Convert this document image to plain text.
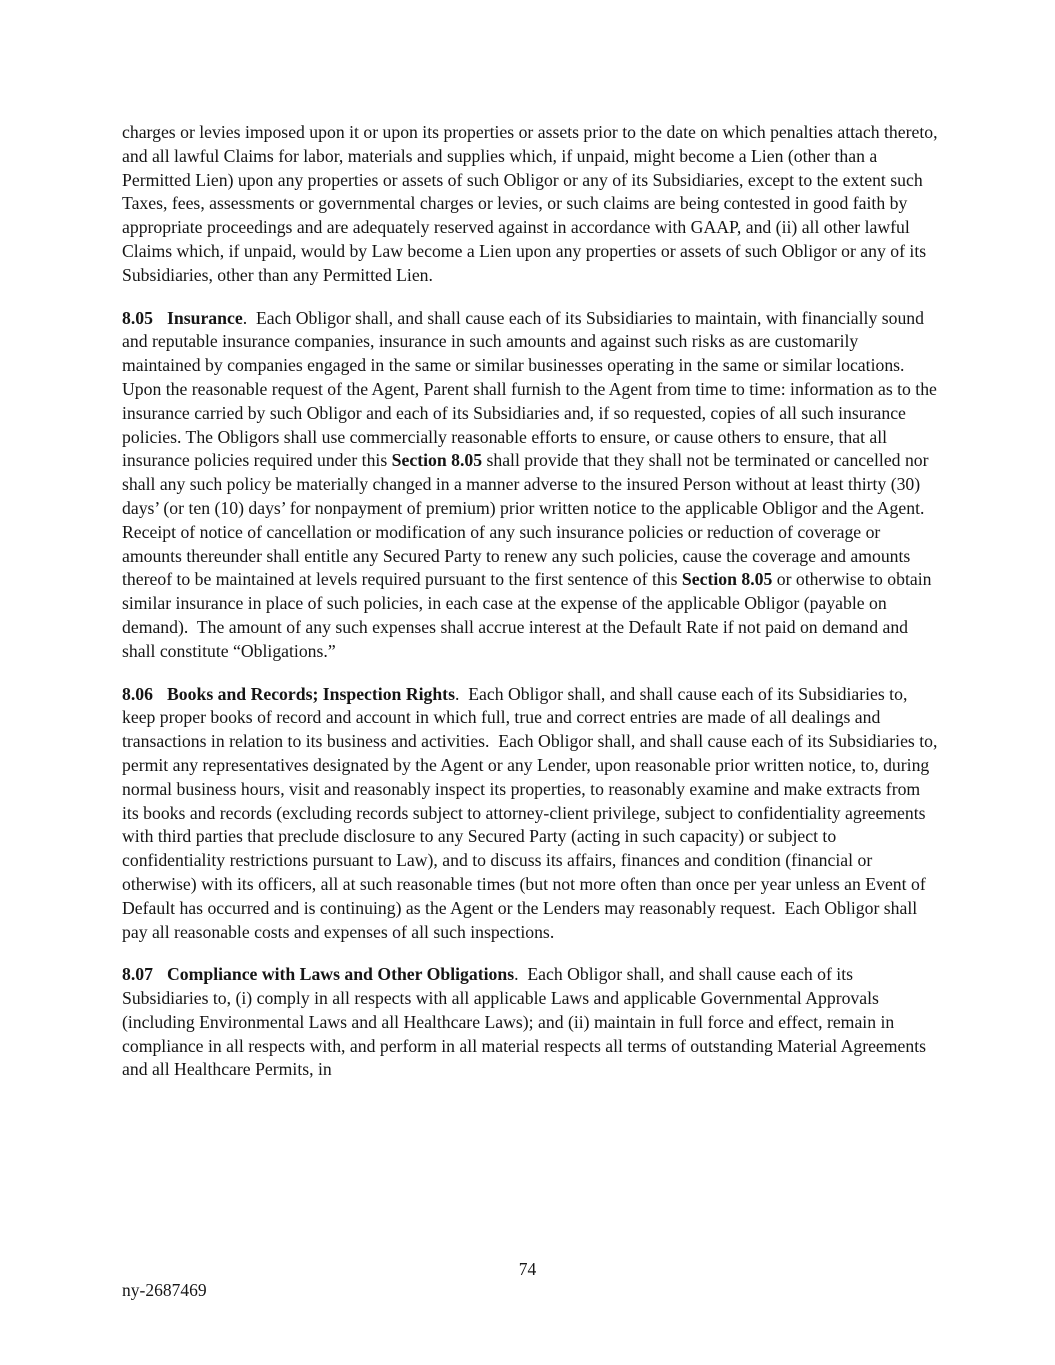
charges or levies imposed upon it or upon its properties or assets prior to the date on which penalties attach thereto, and all lawful Claims for labor, materials and supplies which, if unpaid, might become a Lien (other than a Permitted Lien) upon any properties or assets of such Obligor or any of its Subsidiaries, except to the extent such Taxes, fees, assessments or governmental charges or levies, or such claims are being contested in good faith by appropriate proceedings and are adequately reserved against in accordance with GAAP, and (ii) all other lawful Claims which, if unpaid, would by Law become a Lien upon any properties or assets of such Obligor or any of its Subsidiaries, other than any Permitted Lien.

8.05 Insurance.  Each Obligor shall, and shall cause each of its Subsidiaries to maintain, with financially sound and reputable insurance companies, insurance in such amounts and against such risks as are customarily maintained by companies engaged in the same or similar businesses operating in the same or similar locations. Upon the reasonable request of the Agent, Parent shall furnish to the Agent from time to time: information as to the insurance carried by such Obligor and each of its Subsidiaries and, if so requested, copies of all such insurance policies. The Obligors shall use commercially reasonable efforts to ensure, or cause others to ensure, that all insurance policies required under this Section 8.05 shall provide that they shall not be terminated or cancelled nor shall any such policy be materially changed in a manner adverse to the insured Person without at least thirty (30) days’ (or ten (10) days’ for nonpayment of premium) prior written notice to the applicable Obligor and the Agent.  Receipt of notice of cancellation or modification of any such insurance policies or reduction of coverage or amounts thereunder shall entitle any Secured Party to renew any such policies, cause the coverage and amounts thereof to be maintained at levels required pursuant to the first sentence of this Section 8.05 or otherwise to obtain similar insurance in place of such policies, in each case at the expense of the applicable Obligor (payable on demand).  The amount of any such expenses shall accrue interest at the Default Rate if not paid on demand and shall constitute “Obligations.”

8.06 Books and Records; Inspection Rights.  Each Obligor shall, and shall cause each of its Subsidiaries to, keep proper books of record and account in which full, true and correct entries are made of all dealings and transactions in relation to its business and activities.  Each Obligor shall, and shall cause each of its Subsidiaries to, permit any representatives designated by the Agent or any Lender, upon reasonable prior written notice, to, during normal business hours, visit and reasonably inspect its properties, to reasonably examine and make extracts from its books and records (excluding records subject to attorney-client privilege, subject to confidentiality agreements with third parties that preclude disclosure to any Secured Party (acting in such capacity) or subject to confidentiality restrictions pursuant to Law), and to discuss its affairs, finances and condition (financial or otherwise) with its officers, all at such reasonable times (but not more often than once per year unless an Event of Default has occurred and is continuing) as the Agent or the Lenders may reasonably request.  Each Obligor shall pay all reasonable costs and expenses of all such inspections.

8.07 Compliance with Laws and Other Obligations.  Each Obligor shall, and shall cause each of its Subsidiaries to, (i) comply in all respects with all applicable Laws and applicable Governmental Approvals (including Environmental Laws and all Healthcare Laws); and (ii) maintain in full force and effect, remain in compliance in all respects with, and perform in all material respects all terms of outstanding Material Agreements and all Healthcare Permits, in

74
ny-2687469
